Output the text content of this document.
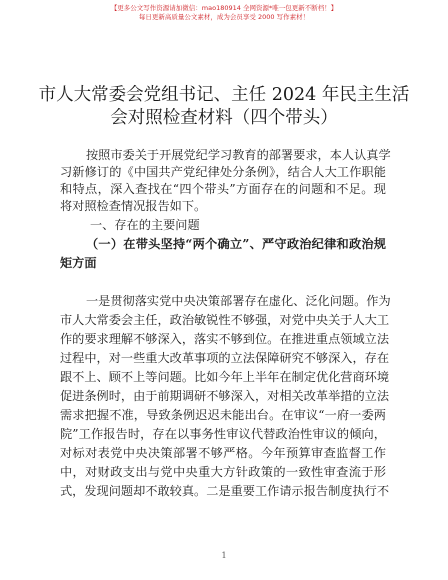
【更多公文写作资源请加微信：mao180914 全网资源*唯一包更新不断档！】
每日更新高质量公文素材，成为会员享受 2000 写作素材！
市人大常委会党组书记、主任 2024 年民主生活
会对照检查材料（四个带头）
按照市委关于开展党纪学习教育的部署要求，本人认真学
习新修订的《中国共产党纪律处分条例》，结合人大工作职能
和特点，深入查找在“四个带头”方面存在的问题和不足。现
将对照检查情况报告如下。
一、存在的主要问题
（一）在带头坚持“两个确立”、严守政治纪律和政治规
矩方面
一是贯彻落实党中央决策部署存在虚化、泛化问题。作为
市人大常委会主任，政治敏锐性不够强，对党中央关于人大工
作的要求理解不够深入，落实不够到位。在推进重点领域立法
过程中，对一些重大改革事项的立法保障研究不够深入，存在
跟不上、顾不上等问题。比如今年上半年在制定优化营商环境
促进条例时，由于前期调研不够深入，对相关改革举措的立法
需求把握不准，导致条例迟迟未能出台。在审议“一府一委两
院”工作报告时，存在以事务性审议代替政治性审议的倾向，
对标对表党中央决策部署不够严格。今年预算审查监督工作
中，对财政支出与党中央重大方针政策的一致性审查流于形
式，发现问题却不敢较真。二是重要工作请示报告制度执行不
1
